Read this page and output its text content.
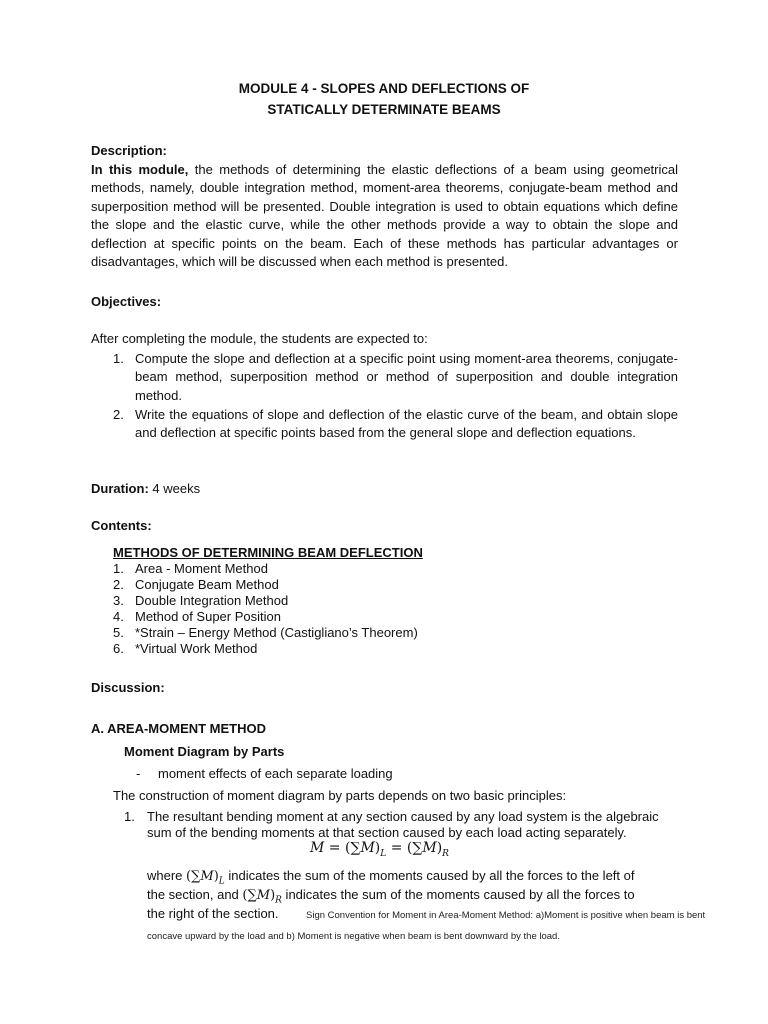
MODULE 4 - SLOPES AND DEFLECTIONS OF
STATICALLY DETERMINATE BEAMS
Description:
In this module, the methods of determining the elastic deflections of a beam using geometrical methods, namely, double integration method, moment-area theorems, conjugate-beam method and superposition method will be presented. Double integration is used to obtain equations which define the slope and the elastic curve, while the other methods provide a way to obtain the slope and deflection at specific points on the beam. Each of these methods has particular advantages or disadvantages, which will be discussed when each method is presented.
Objectives:
After completing the module, the students are expected to:
1. Compute the slope and deflection at a specific point using moment-area theorems, conjugate-beam method, superposition method or method of superposition and double integration method.
2. Write the equations of slope and deflection of the elastic curve of the beam, and obtain slope and deflection at specific points based from the general slope and deflection equations.
Duration: 4 weeks
Contents:
METHODS OF DETERMINING BEAM DEFLECTION
1. Area - Moment Method
2. Conjugate Beam Method
3. Double Integration Method
4. Method of Super Position
5. *Strain – Energy Method (Castigliano’s Theorem)
6. *Virtual Work Method
Discussion:
A. AREA-MOMENT METHOD
Moment Diagram by Parts
- moment effects of each separate loading
The construction of moment diagram by parts depends on two basic principles:
1. The resultant bending moment at any section caused by any load system is the algebraic
sum of the bending moments at that section caused by each load acting separately.
$M = (\sum M)_L = (\sum M)_R$
where $(\sum M)_L$ indicates the sum of the moments caused by all the forces to the left of
the section, and $(\sum M)_R$ indicates the sum of the moments caused by all the forces to
the right of the section.	Sign Convention for Moment in Area-Moment Method: a)Moment is positive when beam is bent
concave upward by the load and b) Moment is negative when beam is bent downward by the load.
